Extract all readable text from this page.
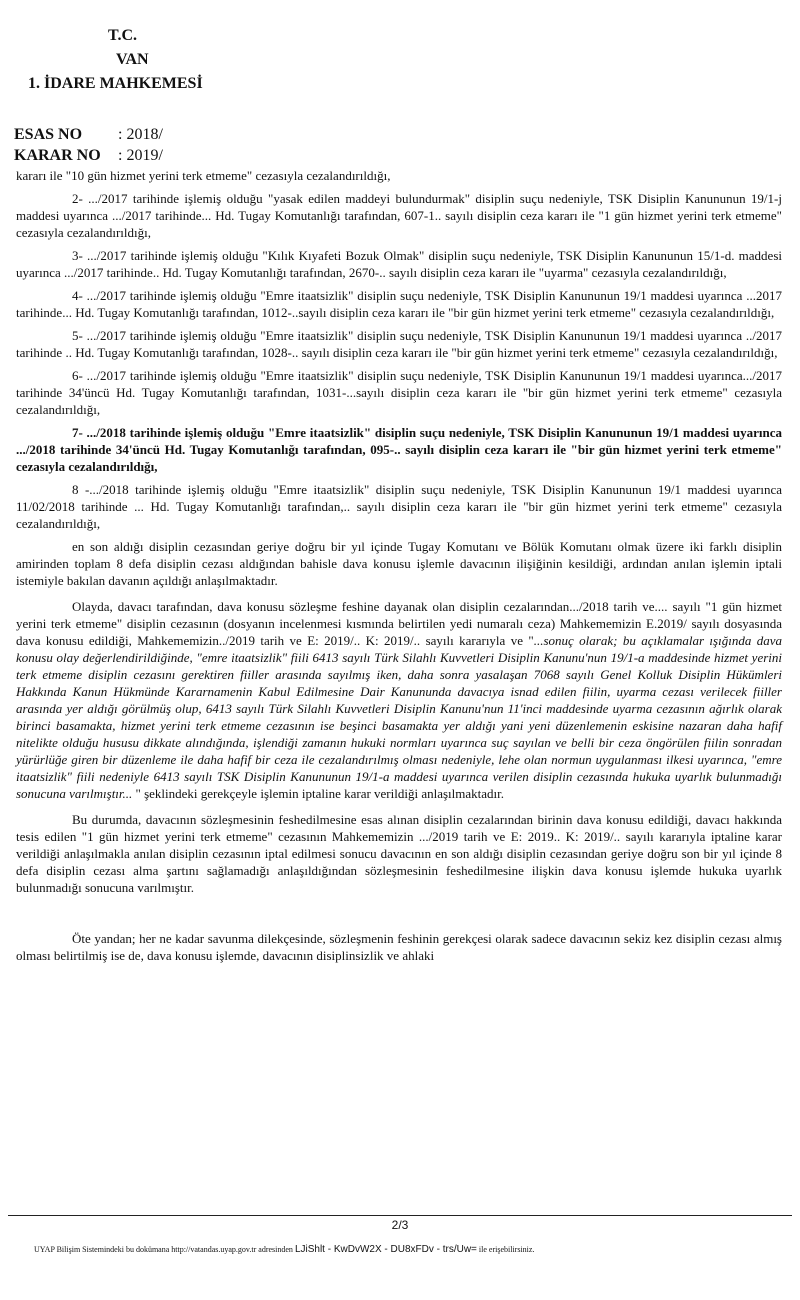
T.C.
VAN
1. İDARE MAHKEMESİ
ESAS NO : 2018/
KARAR NO : 2019/

kararı ile "10 gün hizmet yerini terk etmeme" cezasıyla cezalandırıldığı,

2- .../2017 tarihinde işlemiş olduğu "yasak edilen maddeyi bulundurmak" disiplin suçu nedeniyle, TSK Disiplin Kanununun 19/1-j maddesi uyarınca .../2017 tarihinde... Hd. Tugay Komutanlığı tarafından, 607-1.. sayılı disiplin ceza kararı ile "1 gün hizmet yerini terk etmeme" cezasıyla cezalandırıldığı,

3- .../2017 tarihinde işlemiş olduğu "Kılık Kıyafeti Bozuk Olmak" disiplin suçu nedeniyle, TSK Disiplin Kanununun 15/1-d. maddesi uyarınca .../2017 tarihinde.. Hd. Tugay Komutanlığı tarafından, 2670-.. sayılı disiplin ceza kararı ile "uyarma" cezasıyla cezalandırıldığı,

4- .../2017 tarihinde işlemiş olduğu "Emre itaatsizlik" disiplin suçu nedeniyle, TSK Disiplin Kanununun 19/1 maddesi uyarınca ...2017 tarihinde... Hd. Tugay Komutanlığı tarafından, 1012-..sayılı disiplin ceza kararı ile "bir gün hizmet yerini terk etmeme" cezasıyla cezalandırıldığı,

5- .../2017 tarihinde işlemiş olduğu "Emre itaatsizlik" disiplin suçu nedeniyle, TSK Disiplin Kanununun 19/1 maddesi uyarınca ../2017 tarihinde .. Hd. Tugay Komutanlığı tarafından, 1028-.. sayılı disiplin ceza kararı ile "bir gün hizmet yerini terk etmeme" cezasıyla cezalandırıldığı,

6- .../2017 tarihinde işlemiş olduğu "Emre itaatsizlik" disiplin suçu nedeniyle, TSK Disiplin Kanununun 19/1 maddesi uyarınca.../2017 tarihinde 34'üncü Hd. Tugay Komutanlığı tarafından, 1031-...sayılı disiplin ceza kararı ile "bir gün hizmet yerini terk etmeme" cezasıyla cezalandırıldığı,

7- .../2018 tarihinde işlemiş olduğu "Emre itaatsizlik" disiplin suçu nedeniyle, TSK Disiplin Kanununun 19/1 maddesi uyarınca .../2018 tarihinde 34'üncü Hd. Tugay Komutanlığı tarafından, 095-.. sayılı disiplin ceza kararı ile "bir gün hizmet yerini terk etmeme" cezasıyla cezalandırıldığı,

8 -.../2018 tarihinde işlemiş olduğu "Emre itaatsizlik" disiplin suçu nedeniyle, TSK Disiplin Kanununun 19/1 maddesi uyarınca 11/02/2018 tarihinde ... Hd. Tugay Komutanlığı tarafından,.. sayılı disiplin ceza kararı ile "bir gün hizmet yerini terk etmeme" cezasıyla cezalandırıldığı,

en son aldığı disiplin cezasından geriye doğru bir yıl içinde Tugay Komutanı ve Bölük Komutanı olmak üzere iki farklı disiplin amirinden toplam 8 defa disiplin cezası aldığından bahisle dava konusu işlemle davacının ilişiğinin kesildiği, ardından anılan işlemin iptali istemiyle bakılan davanın açıldığı anlaşılmaktadır.

Olayda, davacı tarafından, dava konusu sözleşme feshine dayanak olan disiplin cezalarından.../2018 tarih ve.... sayılı "1 gün hizmet yerini terk etmeme" disiplin cezasının (dosyanın incelenmesi kısmında belirtilen yedi numaralı ceza) Mahkememizin E.2019/ sayılı dosyasında dava konusu edildiği, Mahkememizin../2019 tarih ve E: 2019/.. K: 2019/.. sayılı kararıyla ve "...sonuç olarak; bu açıklamalar ışığında dava konusu olay değerlendirildiğinde, "emre itaatsizlik" fiili 6413 sayılı Türk Silahlı Kuvvetleri Disiplin Kanunu'nun 19/1-a maddesinde hizmet yerini terk etmeme disiplin cezasını gerektiren fiiller arasında sayılmış iken, daha sonra yasalaşan 7068 sayılı Genel Kolluk Disiplin Hükümleri Hakkında Kanun Hükmünde Kararnamenin Kabul Edilmesine Dair Kanununda davacıya isnad edilen fiilin, uyarma cezası verilecek fiiller arasında yer aldığı görülmüş olup, 6413 sayılı Türk Silahlı Kuvvetleri Disiplin Kanunu'nun 11'inci maddesinde uyarma cezasının ağırlık olarak birinci basamakta, hizmet yerini terk etmeme cezasının ise beşinci basamakta yer aldığı yani yeni düzenlemenin eskisine nazaran daha hafif nitelikte olduğu hususu dikkate alındığında, işlendiği zamanın hukuki normları uyarınca suç sayılan ve belli bir ceza öngörülen fiilin sonradan yürürlüğe giren bir düzenleme ile daha hafif bir ceza ile cezalandırılmış olması nedeniyle, lehe olan normun uygulanması ilkesi uyarınca, "emre itaatsizlik" fiili nedeniyle 6413 sayılı TSK Disiplin Kanununun 19/1-a maddesi uyarınca verilen disiplin cezasında hukuka uyarlık bulunmadığı sonucuna varılmıştır... " şeklindeki gerekçeyle işlemin iptaline karar verildiği anlaşılmaktadır.

Bu durumda, davacının sözleşmesinin feshedilmesine esas alınan disiplin cezalarından birinin dava konusu edildiği, davacı hakkında tesis edilen "1 gün hizmet yerini terk etmeme" cezasının Mahkememizin .../2019 tarih ve E: 2019.. K: 2019/.. sayılı kararıyla iptaline karar verildiği anlaşılmakla anılan disiplin cezasının iptal edilmesi sonucu davacının en son aldığı disiplin cezasından geriye doğru son bir yıl içinde 8 defa disiplin cezası alma şartını sağlamadığı anlaşıldığından sözleşmesinin feshedilmesine ilişkin dava konusu işlemde hukuka uyarlık bulunmadığı sonucuna varılmıştır.

Öte yandan; her ne kadar savunma dilekçesinde, sözleşmenin feshinin gerekçesi olarak sadece davacının sekiz kez disiplin cezası almış olması belirtilmiş ise de, dava konusu işlemde, davacının disiplinsizlik ve ahlaki

2/3
UYAP Bilişim Sistemindeki bu dokümana http://vatandas.uyap.gov.tr adresinden LJiShlt - KwDvW2X - DU8xFDv - trs/Uw= ile erişebilirsiniz.
